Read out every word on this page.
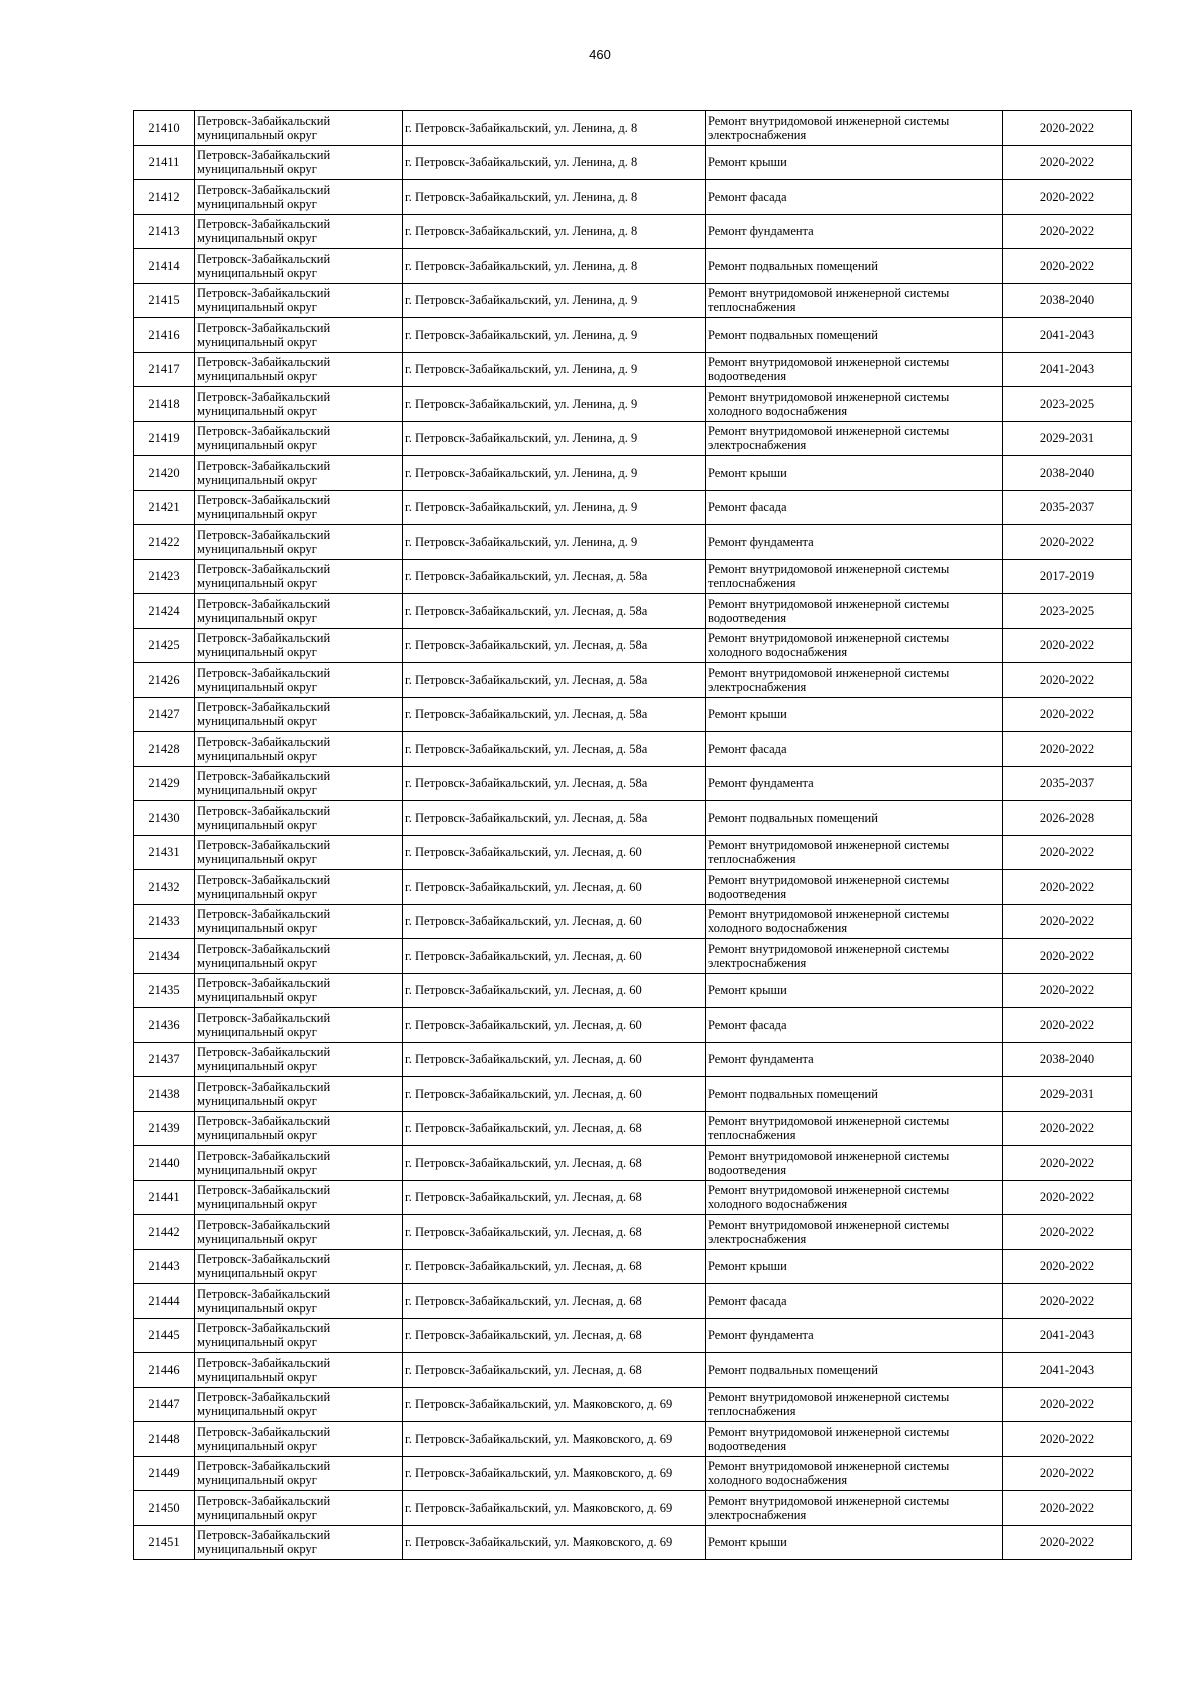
460
21410	Петровск-Забайкальский муниципальный округ	г. Петровск-Забайкальский, ул. Ленина, д. 8	Ремонт внутридомовой инженерной системы электроснабжения	2020-2022
21411	Петровск-Забайкальский муниципальный округ	г. Петровск-Забайкальский, ул. Ленина, д. 8	Ремонт крыши	2020-2022
21412	Петровск-Забайкальский муниципальный округ	г. Петровск-Забайкальский, ул. Ленина, д. 8	Ремонт фасада	2020-2022
21413	Петровск-Забайкальский муниципальный округ	г. Петровск-Забайкальский, ул. Ленина, д. 8	Ремонт фундамента	2020-2022
21414	Петровск-Забайкальский муниципальный округ	г. Петровск-Забайкальский, ул. Ленина, д. 8	Ремонт подвальных помещений	2020-2022
21415	Петровск-Забайкальский муниципальный округ	г. Петровск-Забайкальский, ул. Ленина, д. 9	Ремонт внутридомовой инженерной системы теплоснабжения	2038-2040
21416	Петровск-Забайкальский муниципальный округ	г. Петровск-Забайкальский, ул. Ленина, д. 9	Ремонт подвальных помещений	2041-2043
21417	Петровск-Забайкальский муниципальный округ	г. Петровск-Забайкальский, ул. Ленина, д. 9	Ремонт внутридомовой инженерной системы водоотведения	2041-2043
21418	Петровск-Забайкальский муниципальный округ	г. Петровск-Забайкальский, ул. Ленина, д. 9	Ремонт внутридомовой инженерной системы холодного водоснабжения	2023-2025
21419	Петровск-Забайкальский муниципальный округ	г. Петровск-Забайкальский, ул. Ленина, д. 9	Ремонт внутридомовой инженерной системы электроснабжения	2029-2031
21420	Петровск-Забайкальский муниципальный округ	г. Петровск-Забайкальский, ул. Ленина, д. 9	Ремонт крыши	2038-2040
21421	Петровск-Забайкальский муниципальный округ	г. Петровск-Забайкальский, ул. Ленина, д. 9	Ремонт фасада	2035-2037
21422	Петровск-Забайкальский муниципальный округ	г. Петровск-Забайкальский, ул. Ленина, д. 9	Ремонт фундамента	2020-2022
21423	Петровск-Забайкальский муниципальный округ	г. Петровск-Забайкальский, ул. Лесная, д. 58а	Ремонт внутридомовой инженерной системы теплоснабжения	2017-2019
21424	Петровск-Забайкальский муниципальный округ	г. Петровск-Забайкальский, ул. Лесная, д. 58а	Ремонт внутридомовой инженерной системы водоотведения	2023-2025
21425	Петровск-Забайкальский муниципальный округ	г. Петровск-Забайкальский, ул. Лесная, д. 58а	Ремонт внутридомовой инженерной системы холодного водоснабжения	2020-2022
21426	Петровск-Забайкальский муниципальный округ	г. Петровск-Забайкальский, ул. Лесная, д. 58а	Ремонт внутридомовой инженерной системы электроснабжения	2020-2022
21427	Петровск-Забайкальский муниципальный округ	г. Петровск-Забайкальский, ул. Лесная, д. 58а	Ремонт крыши	2020-2022
21428	Петровск-Забайкальский муниципальный округ	г. Петровск-Забайкальский, ул. Лесная, д. 58а	Ремонт фасада	2020-2022
21429	Петровск-Забайкальский муниципальный округ	г. Петровск-Забайкальский, ул. Лесная, д. 58а	Ремонт фундамента	2035-2037
21430	Петровск-Забайкальский муниципальный округ	г. Петровск-Забайкальский, ул. Лесная, д. 58а	Ремонт подвальных помещений	2026-2028
21431	Петровск-Забайкальский муниципальный округ	г. Петровск-Забайкальский, ул. Лесная, д. 60	Ремонт внутридомовой инженерной системы теплоснабжения	2020-2022
21432	Петровск-Забайкальский муниципальный округ	г. Петровск-Забайкальский, ул. Лесная, д. 60	Ремонт внутридомовой инженерной системы водоотведения	2020-2022
21433	Петровск-Забайкальский муниципальный округ	г. Петровск-Забайкальский, ул. Лесная, д. 60	Ремонт внутридомовой инженерной системы холодного водоснабжения	2020-2022
21434	Петровск-Забайкальский муниципальный округ	г. Петровск-Забайкальский, ул. Лесная, д. 60	Ремонт внутридомовой инженерной системы электроснабжения	2020-2022
21435	Петровск-Забайкальский муниципальный округ	г. Петровск-Забайкальский, ул. Лесная, д. 60	Ремонт крыши	2020-2022
21436	Петровск-Забайкальский муниципальный округ	г. Петровск-Забайкальский, ул. Лесная, д. 60	Ремонт фасада	2020-2022
21437	Петровск-Забайкальский муниципальный округ	г. Петровск-Забайкальский, ул. Лесная, д. 60	Ремонт фундамента	2038-2040
21438	Петровск-Забайкальский муниципальный округ	г. Петровск-Забайкальский, ул. Лесная, д. 60	Ремонт подвальных помещений	2029-2031
21439	Петровск-Забайкальский муниципальный округ	г. Петровск-Забайкальский, ул. Лесная, д. 68	Ремонт внутридомовой инженерной системы теплоснабжения	2020-2022
21440	Петровск-Забайкальский муниципальный округ	г. Петровск-Забайкальский, ул. Лесная, д. 68	Ремонт внутридомовой инженерной системы водоотведения	2020-2022
21441	Петровск-Забайкальский муниципальный округ	г. Петровск-Забайкальский, ул. Лесная, д. 68	Ремонт внутридомовой инженерной системы холодного водоснабжения	2020-2022
21442	Петровск-Забайкальский муниципальный округ	г. Петровск-Забайкальский, ул. Лесная, д. 68	Ремонт внутридомовой инженерной системы электроснабжения	2020-2022
21443	Петровск-Забайкальский муниципальный округ	г. Петровск-Забайкальский, ул. Лесная, д. 68	Ремонт крыши	2020-2022
21444	Петровск-Забайкальский муниципальный округ	г. Петровск-Забайкальский, ул. Лесная, д. 68	Ремонт фасада	2020-2022
21445	Петровск-Забайкальский муниципальный округ	г. Петровск-Забайкальский, ул. Лесная, д. 68	Ремонт фундамента	2041-2043
21446	Петровск-Забайкальский муниципальный округ	г. Петровск-Забайкальский, ул. Лесная, д. 68	Ремонт подвальных помещений	2041-2043
21447	Петровск-Забайкальский муниципальный округ	г. Петровск-Забайкальский, ул. Маяковского, д. 69	Ремонт внутридомовой инженерной системы теплоснабжения	2020-2022
21448	Петровск-Забайкальский муниципальный округ	г. Петровск-Забайкальский, ул. Маяковского, д. 69	Ремонт внутридомовой инженерной системы водоотведения	2020-2022
21449	Петровск-Забайкальский муниципальный округ	г. Петровск-Забайкальский, ул. Маяковского, д. 69	Ремонт внутридомовой инженерной системы холодного водоснабжения	2020-2022
21450	Петровск-Забайкальский муниципальный округ	г. Петровск-Забайкальский, ул. Маяковского, д. 69	Ремонт внутридомовой инженерной системы электроснабжения	2020-2022
21451	Петровск-Забайкальский муниципальный округ	г. Петровск-Забайкальский, ул. Маяковского, д. 69	Ремонт крыши	2020-2022
